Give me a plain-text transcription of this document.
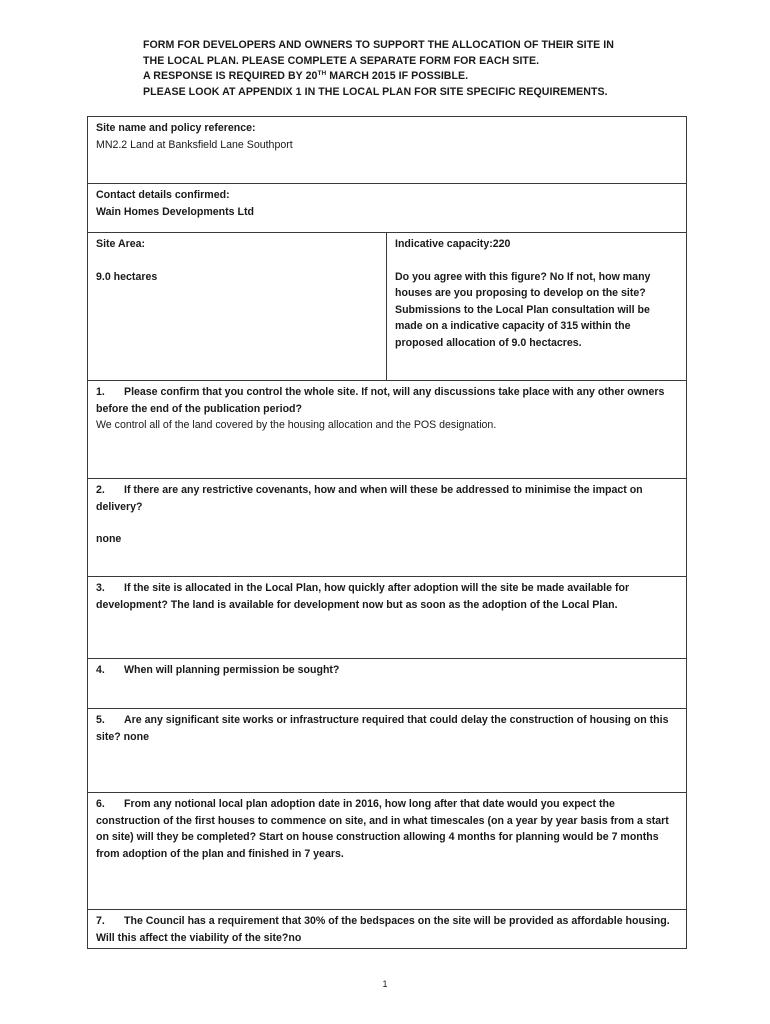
FORM FOR DEVELOPERS AND OWNERS TO SUPPORT THE ALLOCATION OF THEIR SITE IN
THE LOCAL PLAN. PLEASE COMPLETE A SEPARATE FORM FOR EACH SITE.
A RESPONSE IS REQUIRED BY 20TH MARCH 2015 IF POSSIBLE.
PLEASE LOOK AT APPENDIX 1 IN THE LOCAL PLAN FOR SITE SPECIFIC REQUIREMENTS.
Site name and policy reference:
MN2.2 Land at Banksfield Lane Southport
Contact details confirmed:
Wain Homes Developments Ltd
Site Area:
9.0 hectares
Indicative capacity:220
Do you agree with this figure? No If not, how many houses are you proposing to develop on the site? Submissions to the Local Plan consultation will be made on a indicative capacity of 315 within the proposed allocation of 9.0 hectacres.
1. Please confirm that you control the whole site. If not, will any discussions take place with any other owners before the end of the publication period?
We control all of the land covered by the housing allocation and the POS designation.
2. If there are any restrictive covenants, how and when will these be addressed to minimise the impact on delivery?
none
3. If the site is allocated in the Local Plan, how quickly after adoption will the site be made available for development? The land is available for development now but as soon as the adoption of the Local Plan.
4. When will planning permission be sought?
5. Are any significant site works or infrastructure required that could delay the construction of housing on this site? none
6. From any notional local plan adoption date in 2016, how long after that date would you expect the construction of the first houses to commence on site, and in what timescales (on a year by year basis from a start on site) will they be completed? Start on house construction allowing 4 months for planning would be 7 months from adoption of the plan and finished in 7 years.
7. The Council has a requirement that 30% of the bedspaces on the site will be provided as affordable housing. Will this affect the viability of the site?no
1
